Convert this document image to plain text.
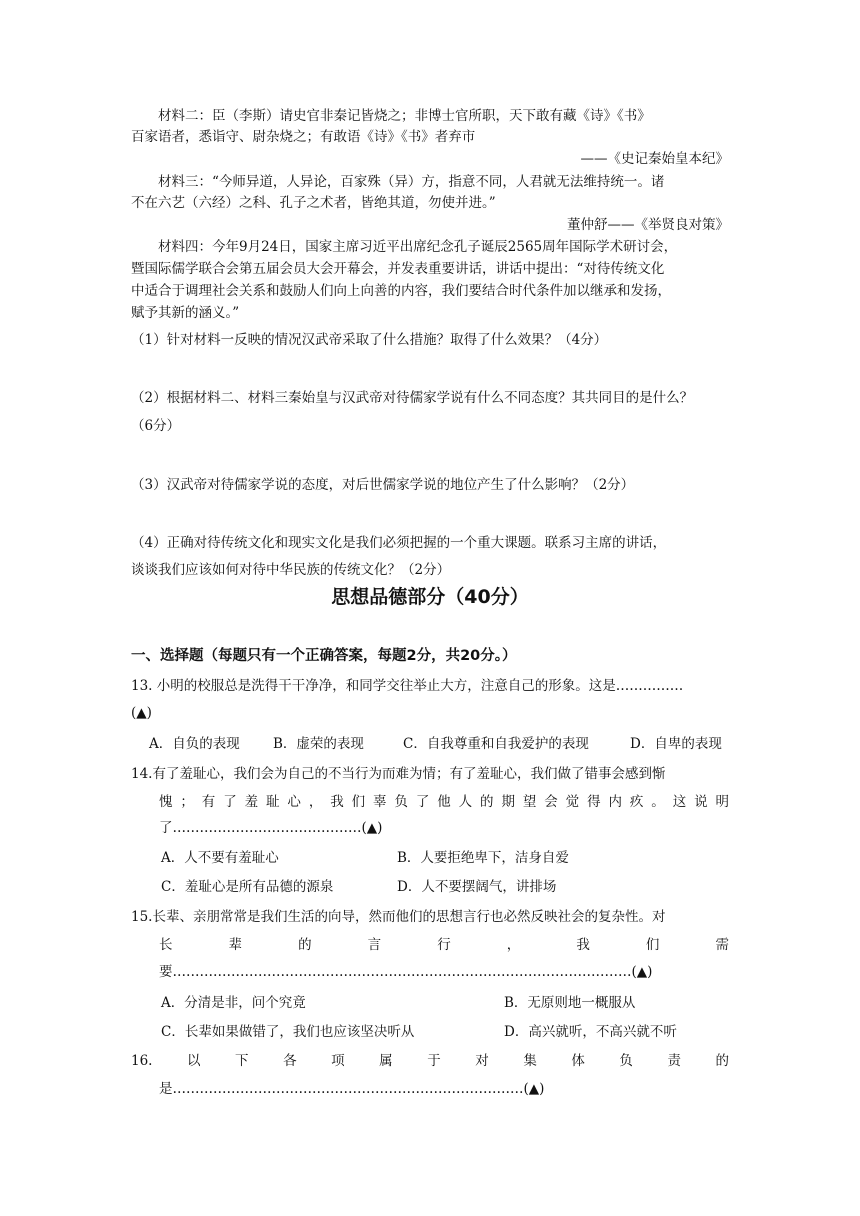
材料二：臣（李斯）请史官非秦记皆烧之；非博士官所职，天下敢有藏《诗》《书》
百家语者，悉诣守、尉杂烧之；有敢语《诗》《书》者弃市
——《史记秦始皇本纪》
材料三：“今师异道，人异论，百家殊（异）方，指意不同，人君就无法维持统一。诸
不在六艺（六经）之科、孔子之术者，皆绝其道，勿使并进。”
董仲舒——《举贤良对策》
材料四：今年9月24日，国家主席习近平出席纪念孔子诞辰2565周年国际学术研讨会，
暨国际儒学联合会第五届会员大会开幕会，并发表重要讲话，讲话中提出：“对待传统文化
中适合于调理社会关系和鼓励人们向上向善的内容，我们要结合时代条件加以继承和发扬，
赋予其新的涵义。”
（1）针对材料一反映的情况汉武帝采取了什么措施？取得了什么效果？（4分）
（2）根据材料二、材料三秦始皇与汉武帝对待儒家学说有什么不同态度？其共同目的是什么？
（6分）
（3）汉武帝对待儒家学说的态度，对后世儒家学说的地位产生了什么影响？（2分）
（4）正确对待传统文化和现实文化是我们必须把握的一个重大课题。联系习主席的讲话，
谈谈我们应该如何对待中华民族的传统文化？（2分）
思想品德部分（40分）
一、选择题（每题只有一个正确答案，每题2分，共20分。）
13. 小明的校服总是洗得干干净净，和同学交往举止大方，注意自己的形象。这是……………
(▲)
A．自负的表现 B．虚荣的表现	C．自我尊重和自我爱护的表现	D．自卑的表现
14.有了羞耻心，我们会为自己的不当行为而难为情；有了羞耻心，我们做了错事会感到惭
愧；有了羞耻心，我们辜负了他人的期望会觉得内疚。这说明
了……………………………………(▲)
A．人不要有羞耻心	B．人要拒绝卑下，洁身自爱
C．羞耻心是所有品德的源泉	D．人不要摆阔气，讲排场
15.长辈、亲朋常常是我们生活的向导，然而他们的思想言行也必然反映社会的复杂性。对
长辈的言行，我们需
要…………………………………………………………………………………………(▲)
A．分清是非，问个究竟	B．无原则地一概服从
C．长辈如果做错了，我们也应该坚决听从	D．高兴就听，不高兴就不听
16.以下各项属于对集体负责的
是……………………………………………………………………(▲)
